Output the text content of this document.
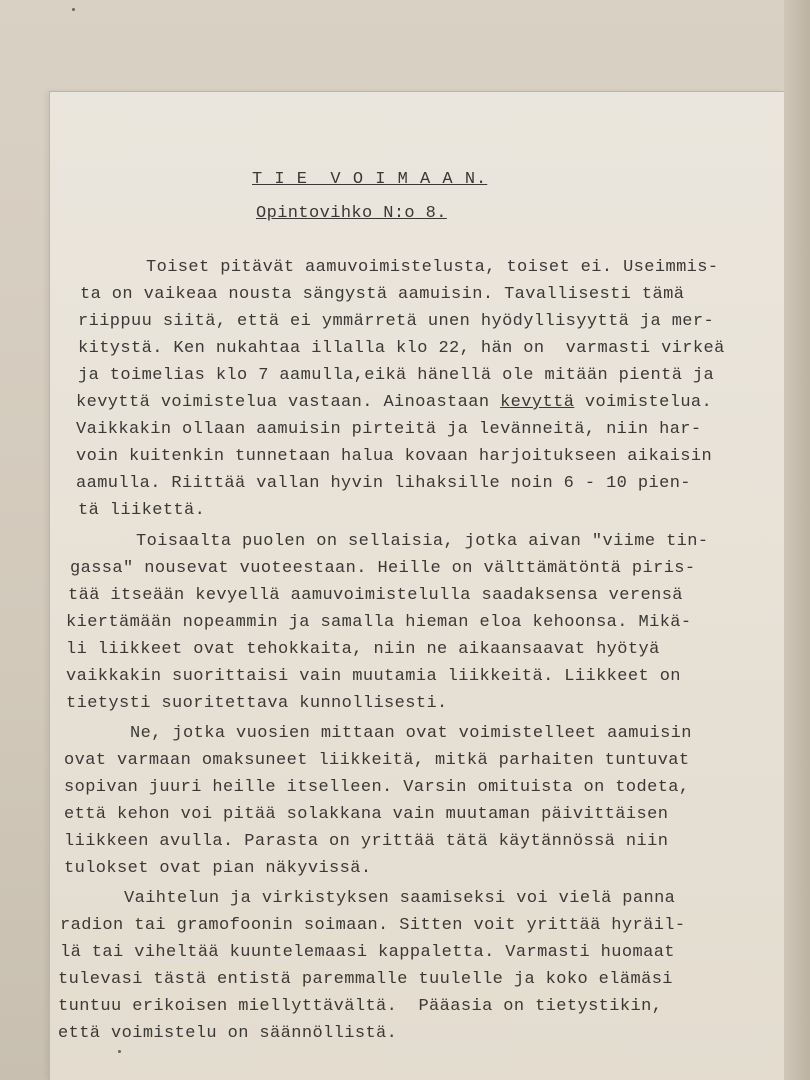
T I E  V O I M A A N.
Opintovihko N:o 8.
Toiset pitävät aamuvoimistelusta, toiset ei. Useimmis-
ta on vaikeaa nousta sängystä aamuisin. Tavallisesti tämä
riippuu siitä, että ei ymmärretä unen hyödyllisyyttä ja mer-
kitystä. Ken nukahtaa illalla klo 22, hän on  varmasti virkeä
ja toimelias klo 7 aamulla,eikä hänellä ole mitään pientä ja
kevyttä voimistelua vastaan. Ainoastaan kevyttä voimistelua.
Vaikkakin ollaan aamuisin pirteitä ja levänneitä, niin har-
voin kuitenkin tunnetaan halua kovaan harjoitukseen aikaisin
aamulla. Riittää vallan hyvin lihaksille noin 6 - 10 pien-
tä liikettä.
Toisaalta puolen on sellaisia, jotka aivan "viime tin-
gassa" nousevat vuoteestaan. Heille on välttämätöntä piris-
tää itseään kevyellä aamuvoimistelulla saadaksensa verensä
kiertämään nopeammin ja samalla hieman eloa kehoonsa. Mikä-
li liikkeet ovat tehokkaita, niin ne aikaansaavat hyötyä
vaikkakin suorittaisi vain muutamia liikkeitä. Liikkeet on
tietysti suoritettava kunnollisesti.
Ne, jotka vuosien mittaan ovat voimistelleet aamuisin
ovat varmaan omaksuneet liikkeitä, mitkä parhaiten tuntuvat
sopivan juuri heille itselleen. Varsin omituista on todeta,
että kehon voi pitää solakkana vain muutaman päivittäisen
liikkeen avulla. Parasta on yrittää tätä käytännössä niin
tulokset ovat pian näkyvissä.
Vaihtelun ja virkistyksen saamiseksi voi vielä panna
radion tai gramofoonin soimaan. Sitten voit yrittää hyräil-
lä tai viheltää kuuntelemaasi kappaletta. Varmasti huomaat
tulevasi tästä entistä paremmalle tuulelle ja koko elämäsi
tuntuu erikoisen miellyttävältä.  Pääasia on tietystikin,
että voimistelu on säännöllistä.
